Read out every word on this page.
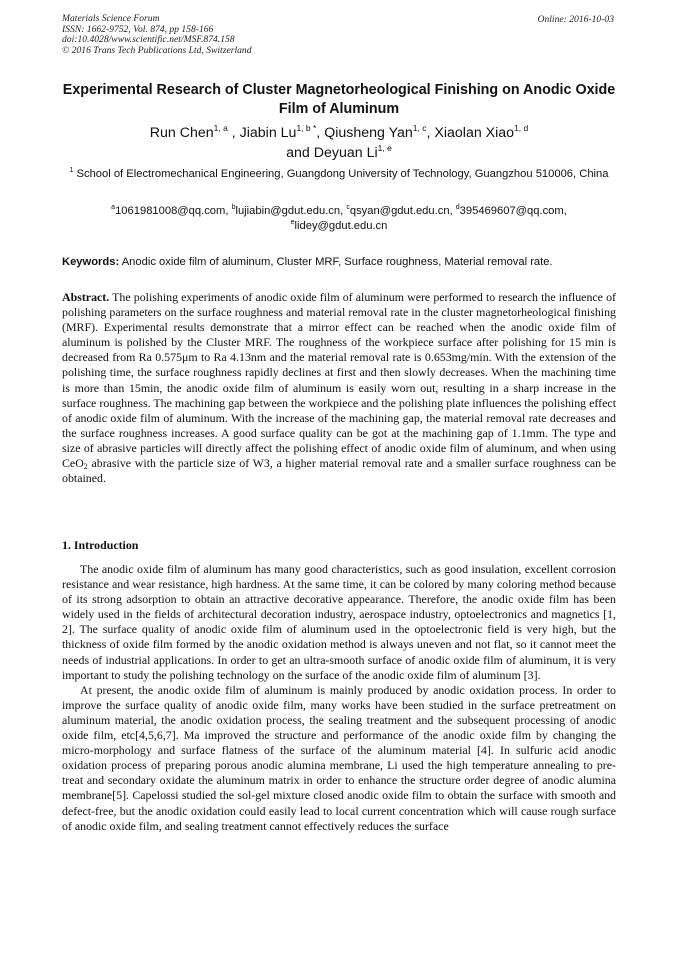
Materials Science Forum
ISSN: 1662-9752, Vol. 874, pp 158-166
doi:10.4028/www.scientific.net/MSF.874.158
© 2016 Trans Tech Publications Ltd, Switzerland
Online: 2016-10-03
Experimental Research of Cluster Magnetorheological Finishing on Anodic Oxide Film of Aluminum
Run Chen$^{1, a}$ , Jiabin $Lu^{1, b *}$, Qiusheng Yan$^{1, c}$, Xiaolan Xiao$^{1, d}$
and Deyuan Li$^{1, e}$
$^1$ School of Electromechanical Engineering, Guangdong University of Technology, Guangzhou 510006, China
$^a$1061981008@qq.com, $^b$lujiabin@gdut.edu.cn, $^c$qsyan@gdut.edu.cn, $^d$395469607@qq.com,
$^e$lidey@gdut.edu.cn
Keywords: Anodic oxide film of aluminum, Cluster MRF, Surface roughness, Material removal rate.

Abstract. The polishing experiments of anodic oxide film of aluminum were performed to research the influence of polishing parameters on the surface roughness and material removal rate in the cluster magnetorheological finishing (MRF). Experimental results demonstrate that a mirror effect can be reached when the anodic oxide film of aluminum is polished by the Cluster MRF. The roughness of the workpiece surface after polishing for 15 min is decreased from Ra 0.575μm to Ra 4.13nm and the material removal rate is 0.653mg/min. With the extension of the polishing time, the surface roughness rapidly declines at first and then slowly decreases. When the machining time is more than 15min, the anodic oxide film of aluminum is easily worn out, resulting in a sharp increase in the surface roughness. The machining gap between the workpiece and the polishing plate influences the polishing effect of anodic oxide film of aluminum. With the increase of the machining gap, the material removal rate decreases and the surface roughness increases. A good surface quality can be got at the machining gap of 1.1mm. The type and size of abrasive particles will directly affect the polishing effect of anodic oxide film of aluminum, and when using CeO$_2$ abrasive with the particle size of W3, a higher material removal rate and a smaller surface roughness can be obtained.

1. Introduction

The anodic oxide film of aluminum has many good characteristics, such as good insulation, excellent corrosion resistance and wear resistance, high hardness. At the same time, it can be colored by many coloring method because of its strong adsorption to obtain an attractive decorative appearance. Therefore, the anodic oxide film has been widely used in the fields of architectural decoration industry, aerospace industry, optoelectronics and magnetics [1, 2]. The surface quality of anodic oxide film of aluminum used in the optoelectronic field is very high, but the thickness of oxide film formed by the anodic oxidation method is always uneven and not flat, so it cannot meet the needs of industrial applications. In order to get an ultra-smooth surface of anodic oxide film of aluminum, it is very important to study the polishing technology on the surface of the anodic oxide film of aluminum [3].

At present, the anodic oxide film of aluminum is mainly produced by anodic oxidation process. In order to improve the surface quality of anodic oxide film, many works have been studied in the surface pretreatment on aluminum material, the anodic oxidation process, the sealing treatment and the subsequent processing of anodic oxide film, etc[4,5,6,7]. Ma improved the structure and performance of the anodic oxide film by changing the micro-morphology and surface flatness of the surface of the aluminum material [4]. In sulfuric acid anodic oxidation process of preparing porous anodic alumina membrane, Li used the high temperature annealing to pre-treat and secondary oxidate the aluminum matrix in order to enhance the structure order degree of anodic alumina membrane[5]. Capelossi studied the sol-gel mixture closed anodic oxide film to obtain the surface with smooth and defect-free, but the anodic oxidation could easily lead to local current concentration which will cause rough surface of anodic oxide film, and sealing treatment cannot effectively reduces the surface
